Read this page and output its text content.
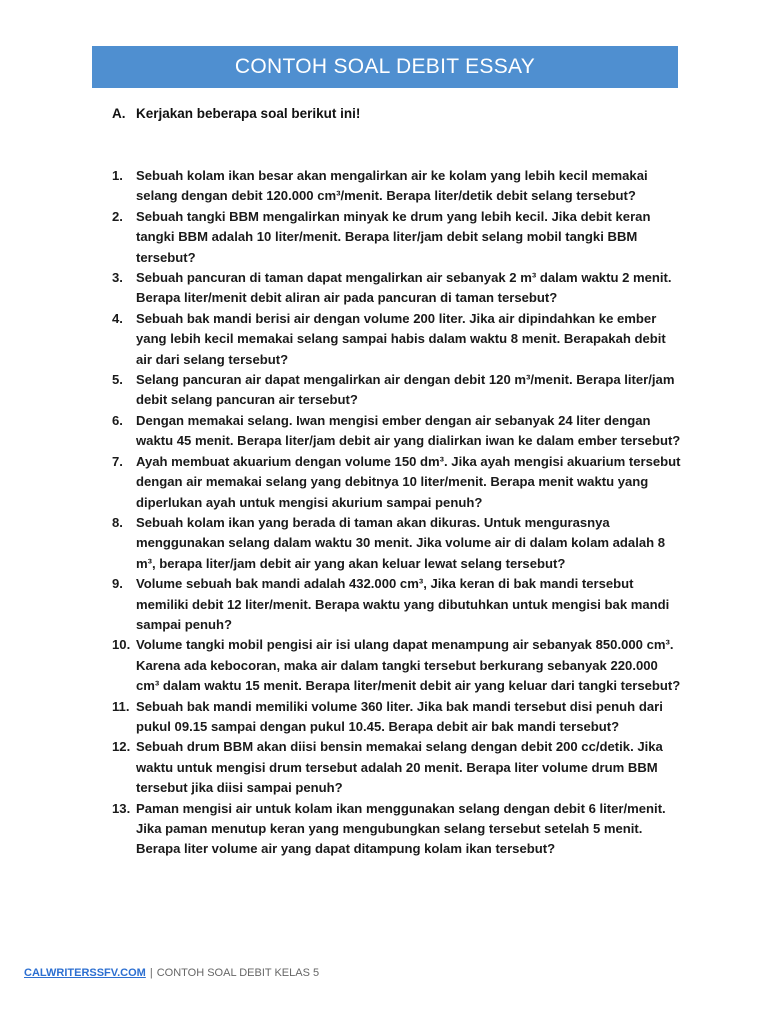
CONTOH SOAL DEBIT ESSAY
A. Kerjakan beberapa soal berikut ini!
1. Sebuah kolam ikan besar akan mengalirkan air ke kolam yang lebih kecil memakai selang dengan debit 120.000 cm³/menit. Berapa liter/detik debit selang tersebut?
2. Sebuah tangki BBM mengalirkan minyak ke drum yang lebih kecil. Jika debit keran tangki BBM adalah 10 liter/menit. Berapa liter/jam debit selang mobil tangki BBM tersebut?
3. Sebuah pancuran di taman dapat mengalirkan air sebanyak 2 m³ dalam waktu 2 menit. Berapa liter/menit debit aliran air pada pancuran di taman tersebut?
4. Sebuah bak mandi berisi air dengan volume 200 liter. Jika air dipindahkan ke ember yang lebih kecil memakai selang sampai habis dalam waktu 8 menit. Berapakah debit air dari selang tersebut?
5. Selang pancuran air dapat mengalirkan air dengan debit 120 m³/menit. Berapa liter/jam debit selang pancuran air tersebut?
6. Dengan memakai selang. Iwan mengisi ember dengan air sebanyak 24 liter dengan waktu 45 menit. Berapa liter/jam debit air yang dialirkan iwan ke dalam ember tersebut?
7. Ayah membuat akuarium dengan volume 150 dm³. Jika ayah mengisi akuarium tersebut dengan air memakai selang yang debitnya 10 liter/menit. Berapa menit waktu yang diperlukan ayah untuk mengisi akurium sampai penuh?
8. Sebuah kolam ikan yang berada di taman akan dikuras. Untuk mengurasnya menggunakan selang dalam waktu 30 menit. Jika volume air di dalam kolam adalah 8 m³, berapa liter/jam debit air yang akan keluar lewat selang tersebut?
9. Volume sebuah bak mandi adalah 432.000 cm³, Jika keran di bak mandi tersebut memiliki debit 12 liter/menit. Berapa waktu yang dibutuhkan untuk mengisi bak mandi sampai penuh?
10. Volume tangki mobil pengisi air isi ulang dapat menampung air sebanyak 850.000 cm³. Karena ada kebocoran, maka air dalam tangki tersebut berkurang sebanyak 220.000 cm³ dalam waktu 15 menit. Berapa liter/menit debit air yang keluar dari tangki tersebut?
11. Sebuah bak mandi memiliki volume 360 liter. Jika bak mandi tersebut disi penuh dari pukul 09.15 sampai dengan pukul 10.45. Berapa debit air bak mandi tersebut?
12. Sebuah drum BBM akan diisi bensin memakai selang dengan debit 200 cc/detik. Jika waktu untuk mengisi drum tersebut adalah 20 menit. Berapa liter volume drum BBM tersebut jika diisi sampai penuh?
13. Paman mengisi air untuk kolam ikan menggunakan selang dengan debit 6 liter/menit. Jika paman menutup keran yang mengubungkan selang tersebut setelah 5 menit. Berapa liter volume air yang dapat ditampung kolam ikan tersebut?
CALWRITERSSFV.COM | CONTOH SOAL DEBIT KELAS 5
